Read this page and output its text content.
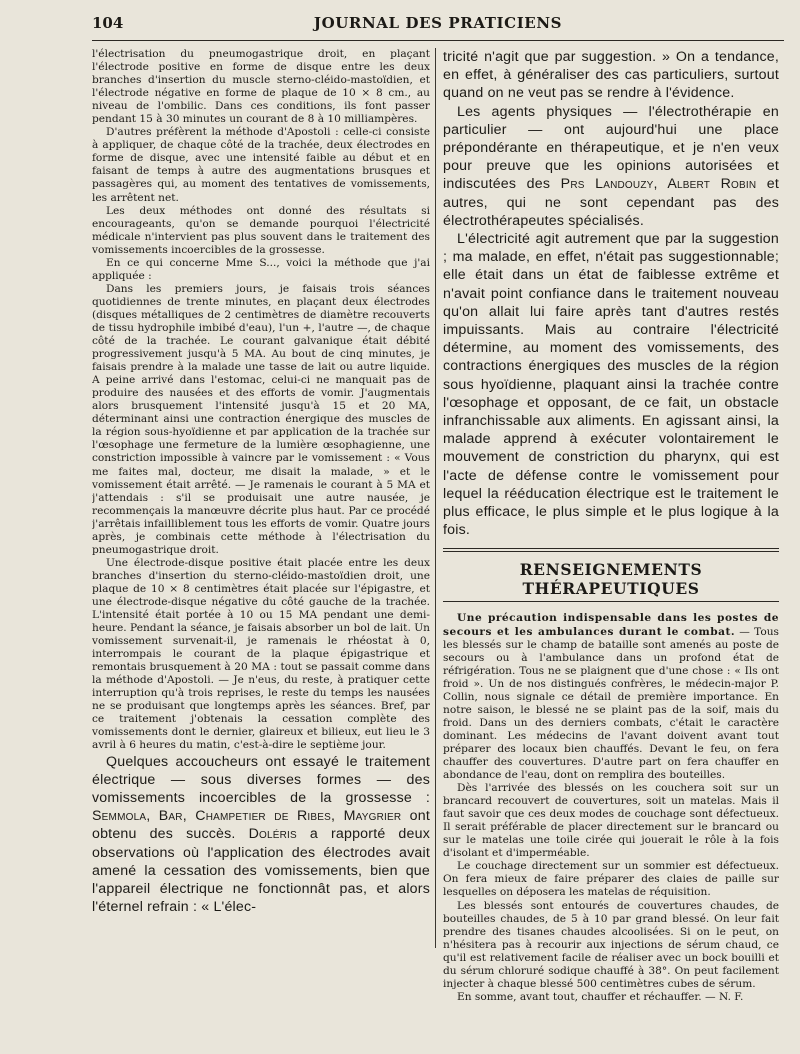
104	JOURNAL DES PRATICIENS

l'électrisation du pneumogastrique droit, en plaçant l'électrode positive en forme de disque entre les deux branches d'insertion du muscle sterno-cléido-mastoïdien, et l'électrode négative en forme de plaque de 10 × 8 cm., au niveau de l'ombilic. Dans ces conditions, ils font passer pendant 15 à 30 minutes un courant de 8 à 10 milliampères.

D'autres préfèrent la méthode d'Apostoli : celle-ci consiste à appliquer, de chaque côté de la trachée, deux électrodes en forme de disque, avec une intensité faible au début et en faisant de temps à autre des augmentations brusques et passagères qui, au moment des tentatives de vomissements, les arrêtent net.

Les deux méthodes ont donné des résultats si encourageants, qu'on se demande pourquoi l'électricité médicale n'intervient pas plus souvent dans le traitement des vomissements incoercibles de la grossesse.

En ce qui concerne Mme S..., voici la méthode que j'ai appliquée :

Dans les premiers jours, je faisais trois séances quotidiennes de trente minutes, en plaçant deux électrodes (disques métalliques de 2 centimètres de diamètre recouverts de tissu hydrophile imbibé d'eau), l'un +, l'autre —, de chaque côté de la trachée. Le courant galvanique était débité progressivement jusqu'à 5 MA. Au bout de cinq minutes, je faisais prendre à la malade une tasse de lait ou autre liquide. A peine arrivé dans l'estomac, celui-ci ne manquait pas de produire des nausées et des efforts de vomir. J'augmentais alors brusquement l'intensité jusqu'à 15 et 20 MA, déterminant ainsi une contraction énergique des muscles de la région sous-hyoïdienne et par application de la trachée sur l'œsophage une fermeture de la lumière œsophagienne, une constriction impossible à vaincre par le vomissement : « Vous me faites mal, docteur, me disait la malade, » et le vomissement était arrêté. — Je ramenais le courant à 5 MA et j'attendais : s'il se produisait une autre nausée, je recommençais la manœuvre décrite plus haut. Par ce procédé j'arrêtais infailliblement tous les efforts de vomir. Quatre jours après, je combinais cette méthode à l'électrisation du pneumogastrique droit.

Une électrode-disque positive était placée entre les deux branches d'insertion du sterno-cléido-mastoïdien droit, une plaque de 10 × 8 centimètres était placée sur l'épigastre, et une électrode-disque négative du côté gauche de la trachée. L'intensité était portée à 10 ou 15 MA pendant une demi-heure. Pendant la séance, je faisais absorber un bol de lait. Un vomissement survenait-il, je ramenais le rhéostat à 0, interrompais le courant de la plaque épigastrique et remontais brusquement à 20 MA : tout se passait comme dans la méthode d'Apostoli. — Je n'eus, du reste, à pratiquer cette interruption qu'à trois reprises, le reste du temps les nausées ne se produisant que longtemps après les séances. Bref, par ce traitement j'obtenais la cessation complète des vomissements dont le dernier, glaireux et bilieux, eut lieu le 3 avril à 6 heures du matin, c'est-à-dire le septième jour.

Quelques accoucheurs ont essayé le traitement électrique — sous diverses formes — des vomissements incoercibles de la grossesse : Semmola, Bar, Champetier de Ribes, Maygrier ont obtenu des succès. Doléris a rapporté deux observations où l'application des électrodes avait amené la cessation des vomissements, bien que l'appareil électrique ne fonctionnât pas, et alors l'éternel refrain : « L'élec-

tricité n'agit que par suggestion. » On a tendance, en effet, à généraliser des cas particuliers, surtout quand on ne veut pas se rendre à l'évidence.

Les agents physiques — l'électrothérapie en particulier — ont aujourd'hui une place prépondérante en thérapeutique, et je n'en veux pour preuve que les opinions autorisées et indiscutées des Prs Landouzy, Albert Robin et autres, qui ne sont cependant pas des électrothérapeutes spécialisés.

L'électricité agit autrement que par la suggestion ; ma malade, en effet, n'était pas suggestionnable; elle était dans un état de faiblesse extrême et n'avait point confiance dans le traitement nouveau qu'on allait lui faire après tant d'autres restés impuissants. Mais au contraire l'électricité détermine, au moment des vomissements, des contractions énergiques des muscles de la région sous hyoïdienne, plaquant ainsi la trachée contre l'œsophage et opposant, de ce fait, un obstacle infranchissable aux aliments. En agissant ainsi, la malade apprend à exécuter volontairement le mouvement de constriction du pharynx, qui est l'acte de défense contre le vomissement pour lequel la rééducation électrique est le traitement le plus efficace, le plus simple et le plus logique à la fois.

RENSEIGNEMENTS THÉRAPEUTIQUES

Une précaution indispensable dans les postes de secours et les ambulances durant le combat. — Tous les blessés sur le champ de bataille sont amenés au poste de secours ou à l'ambulance dans un profond état de réfrigération. Tous ne se plaignent que d'une chose : « Ils ont froid ». Un de nos distingués confrères, le médecin-major P. Collin, nous signale ce détail de première importance. En notre saison, le blessé ne se plaint pas de la soif, mais du froid. Dans un des derniers combats, c'était le caractère dominant. Les médecins de l'avant doivent avant tout préparer des locaux bien chauffés. Devant le feu, on fera chauffer des couvertures. D'autre part on fera chauffer en abondance de l'eau, dont on remplira des bouteilles.

Dès l'arrivée des blessés on les couchera soit sur un brancard recouvert de couvertures, soit un matelas. Mais il faut savoir que ces deux modes de couchage sont défectueux. Il serait préférable de placer directement sur le brancard ou sur le matelas une toile cirée qui jouerait le rôle à la fois d'isolant et d'imperméable.

Le couchage directement sur un sommier est défectueux. On fera mieux de faire préparer des claies de paille sur lesquelles on déposera les matelas de réquisition.

Les blessés sont entourés de couvertures chaudes, de bouteilles chaudes, de 5 à 10 par grand blessé. On leur fait prendre des tisanes chaudes alcoolisées. Si on le peut, on n'hésitera pas à recourir aux injections de sérum chaud, ce qu'il est relativement facile de réaliser avec un bock bouilli et du sérum chloruré sodique chauffé à 38°. On peut facilement injecter à chaque blessé 500 centimètres cubes de sérum.

En somme, avant tout, chauffer et réchauffer. — N. F.
